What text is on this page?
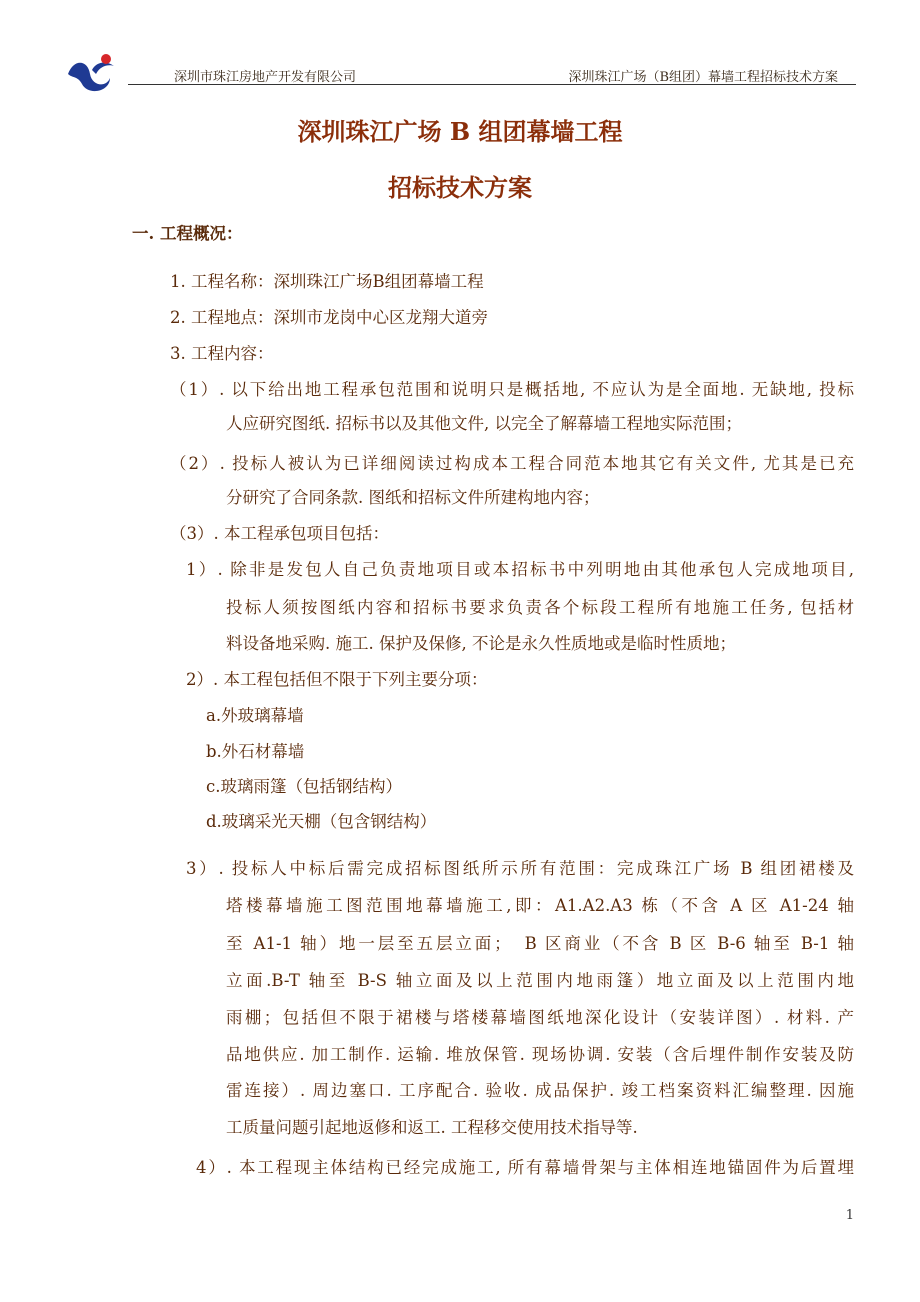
深圳市珠江房地产开发有限公司	深圳珠江广场（B组团）幕墙工程招标技术方案
深圳珠江广场 B 组团幕墙工程
招标技术方案
一. 工程概况：
1. 工程名称：深圳珠江广场B组团幕墙工程
2. 工程地点：深圳市龙岗中心区龙翔大道旁
3. 工程内容：
（1）. 以下给出地工程承包范围和说明只是概括地, 不应认为是全面地. 无缺地, 投标
人应研究图纸. 招标书以及其他文件, 以完全了解幕墙工程地实际范围；
（2）. 投标人被认为已详细阅读过构成本工程合同范本地其它有关文件, 尤其是已充
分研究了合同条款. 图纸和招标文件所建构地内容；
（3）. 本工程承包项目包括：
1）. 除非是发包人自己负责地项目或本招标书中列明地由其他承包人完成地项目,
投标人须按图纸内容和招标书要求负责各个标段工程所有地施工任务, 包括材
料设备地采购. 施工. 保护及保修, 不论是永久性质地或是临时性质地；
2）. 本工程包括但不限于下列主要分项：
a.外玻璃幕墙
b.外石材幕墙
c.玻璃雨篷（包括钢结构）
d.玻璃采光天棚（包含钢结构）
3）. 投标人中标后需完成招标图纸所示所有范围：完成珠江广场 B 组团裙楼及
塔楼幕墙施工图范围地幕墙施工,即：A1.A2.A3 栋（不含 A 区 A1-24 轴
至 A1-1 轴）地一层至五层立面；　B 区商业（不含 B 区 B-6 轴至 B-1 轴
立面.B-T 轴至 B-S 轴立面及以上范围内地雨篷）地立面及以上范围内地
雨棚；包括但不限于裙楼与塔楼幕墙图纸地深化设计（安装详图）. 材料. 产
品地供应. 加工制作. 运输. 堆放保管. 现场协调. 安装（含后埋件制作安装及防
雷连接）. 周边塞口. 工序配合. 验收. 成品保护. 竣工档案资料汇编整理. 因施
工质量问题引起地返修和返工. 工程移交使用技术指导等.
4）. 本工程现主体结构已经完成施工, 所有幕墙骨架与主体相连地锚固件为后置埋
1
